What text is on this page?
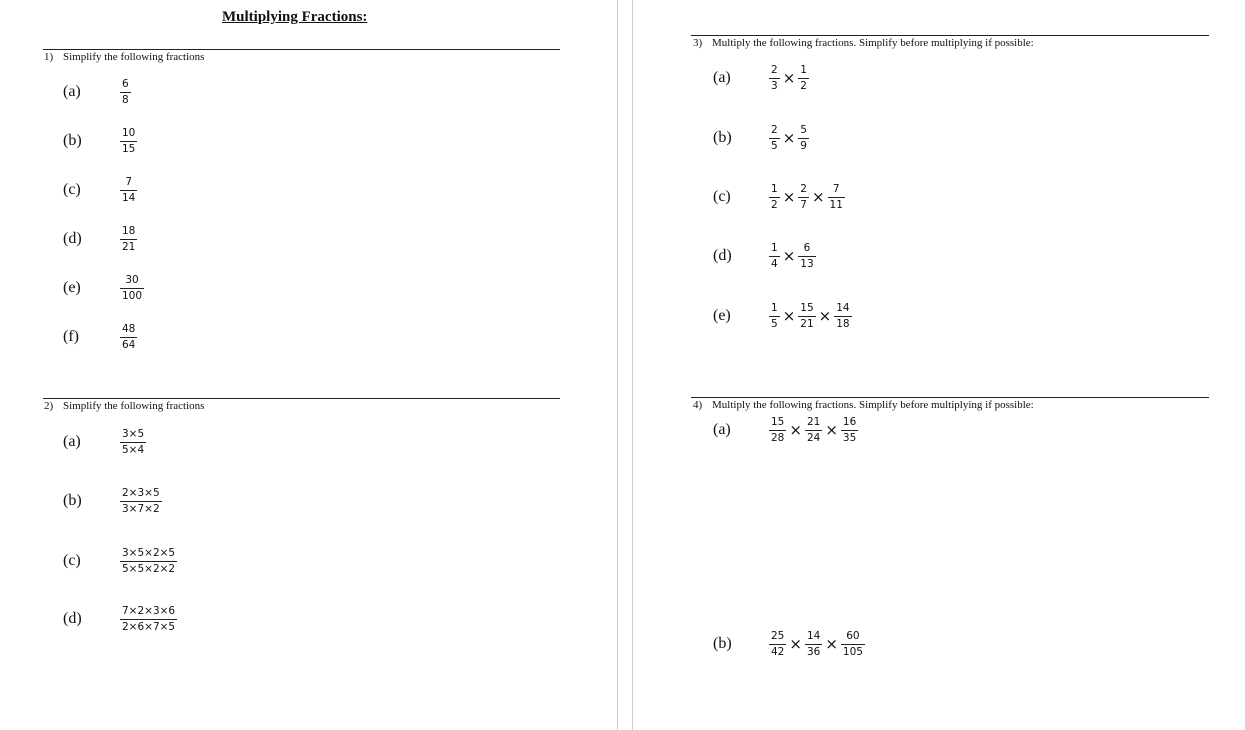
Multiplying Fractions:
1) Simplify the following fractions
(a)	$\frac{6}{8}$
(b)	$\frac{10}{15}$
(c)	$\frac{7}{14}$
(d)	$\frac{18}{21}$
(e)	$\frac{30}{100}$
(f)	$\frac{48}{64}$
2) Simplify the following fractions
(a)	$\frac{3\times 5}{5\times 4}$
(b)	$\frac{2\times 3\times 5}{3\times 7\times 2}$
(c)	$\frac{3\times 5\times 2\times 5}{5\times 5\times 2\times 2}$
(d)	$\frac{7\times 2\times 3\times 6}{2\times 6\times 7\times 5}$
3) Multiply the following fractions. Simplify before multiplying if possible:
(a)	$\frac{2}{3} \times \frac{1}{2}$
(b)	$\frac{2}{5} \times \frac{5}{9}$
(c)	$\frac{1}{2} \times \frac{2}{7} \times \frac{7}{11}$
(d)	$\frac{1}{4} \times \frac{6}{13}$
(e)	$\frac{1}{5} \times \frac{15}{21} \times \frac{14}{18}$
4) Multiply the following fractions. Simplify before multiplying if possible:
(a)	$\frac{15}{28} \times \frac{21}{24} \times \frac{16}{35}$
(b)	$\frac{25}{42} \times \frac{14}{36} \times \frac{60}{105}$
